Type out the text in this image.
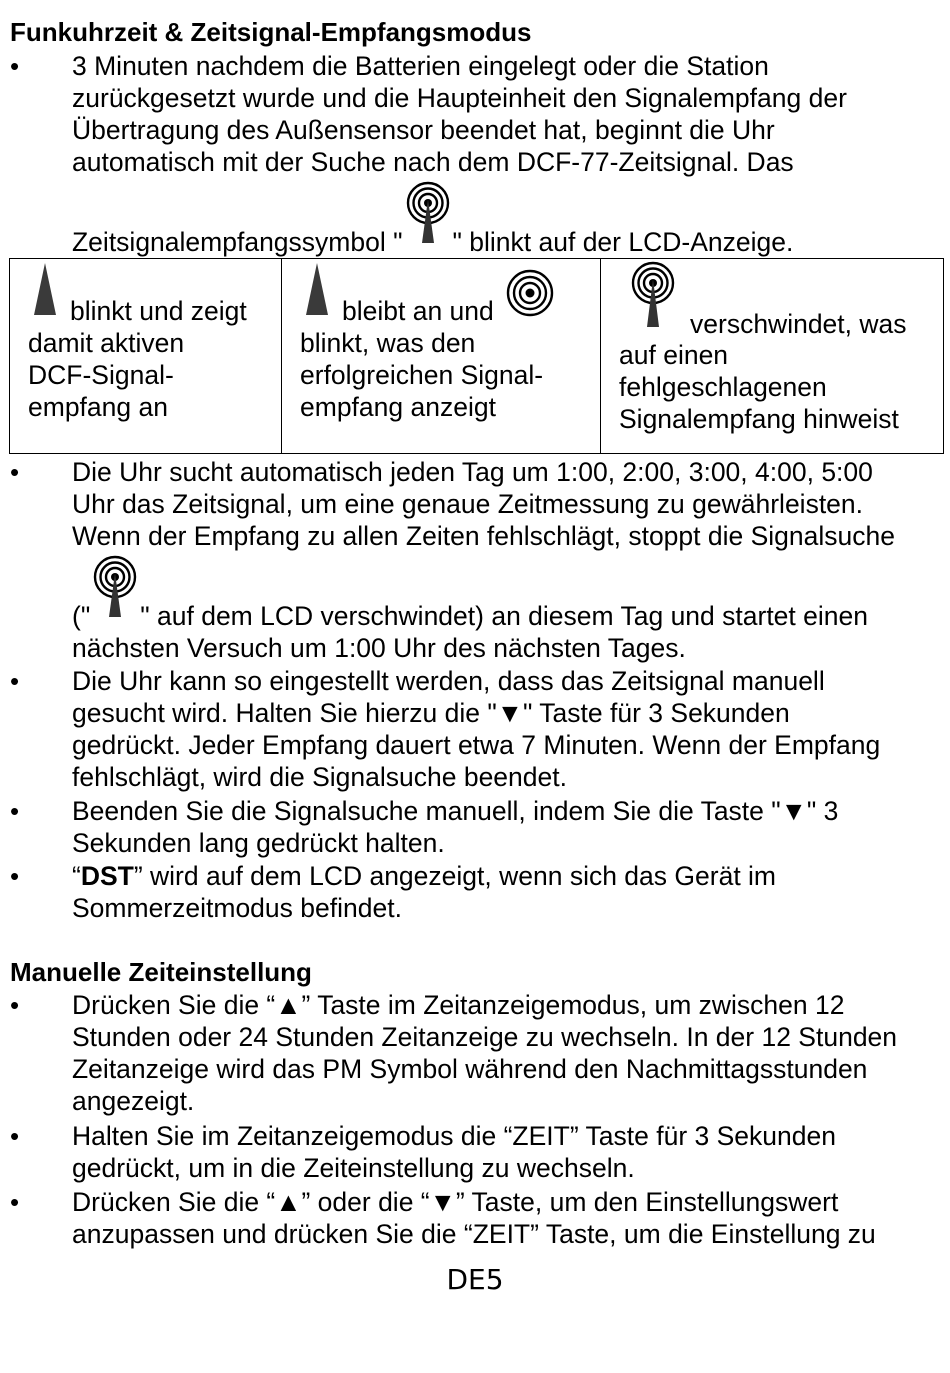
Funkuhrzeit & Zeitsignal-Empfangsmodus
•
3 Minuten nachdem die Batterien eingelegt oder die Station
zurückgesetzt wurde und die Haupteinheit den Signalempfang der
Übertragung des Außensensor beendet hat, beginnt die Uhr
automatisch mit der Suche nach dem DCF-77-Zeitsignal. Das
Zeitsignalempfangssymbol " " blinkt auf der LCD-Anzeige.
blinkt und zeigt
damit aktiven
DCF-Signal-
empfang an
bleibt an und
blinkt, was den
erfolgreichen Signal-
empfang anzeigt
verschwindet, was
auf einen
fehlgeschlagenen
Signalempfang hinweist
•
Die Uhr sucht automatisch jeden Tag um 1:00, 2:00, 3:00, 4:00, 5:00
Uhr das Zeitsignal, um eine genaue Zeitmessung zu gewährleisten.
Wenn der Empfang zu allen Zeiten fehlschlägt, stoppt die Signalsuche
(" " auf dem LCD verschwindet) an diesem Tag und startet einen
nächsten Versuch um 1:00 Uhr des nächsten Tages.
•
Die Uhr kann so eingestellt werden, dass das Zeitsignal manuell
gesucht wird. Halten Sie hierzu die "▼" Taste für 3 Sekunden
gedrückt. Jeder Empfang dauert etwa 7 Minuten. Wenn der Empfang
fehlschlägt, wird die Signalsuche beendet.
•
Beenden Sie die Signalsuche manuell, indem Sie die Taste "▼" 3
Sekunden lang gedrückt halten.
•
“DST” wird auf dem LCD angezeigt, wenn sich das Gerät im
Sommerzeitmodus befindet.
Manuelle Zeiteinstellung
•
Drücken Sie die “▲” Taste im Zeitanzeigemodus, um zwischen 12
Stunden oder 24 Stunden Zeitanzeige zu wechseln. In der 12 Stunden
Zeitanzeige wird das PM Symbol während den Nachmittagsstunden
angezeigt.
•
Halten Sie im Zeitanzeigemodus die “ZEIT” Taste für 3 Sekunden
gedrückt, um in die Zeiteinstellung zu wechseln.
•
Drücken Sie die “▲” oder die “▼” Taste, um den Einstellungswert
anzupassen und drücken Sie die “ZEIT” Taste, um die Einstellung zu
DE5
